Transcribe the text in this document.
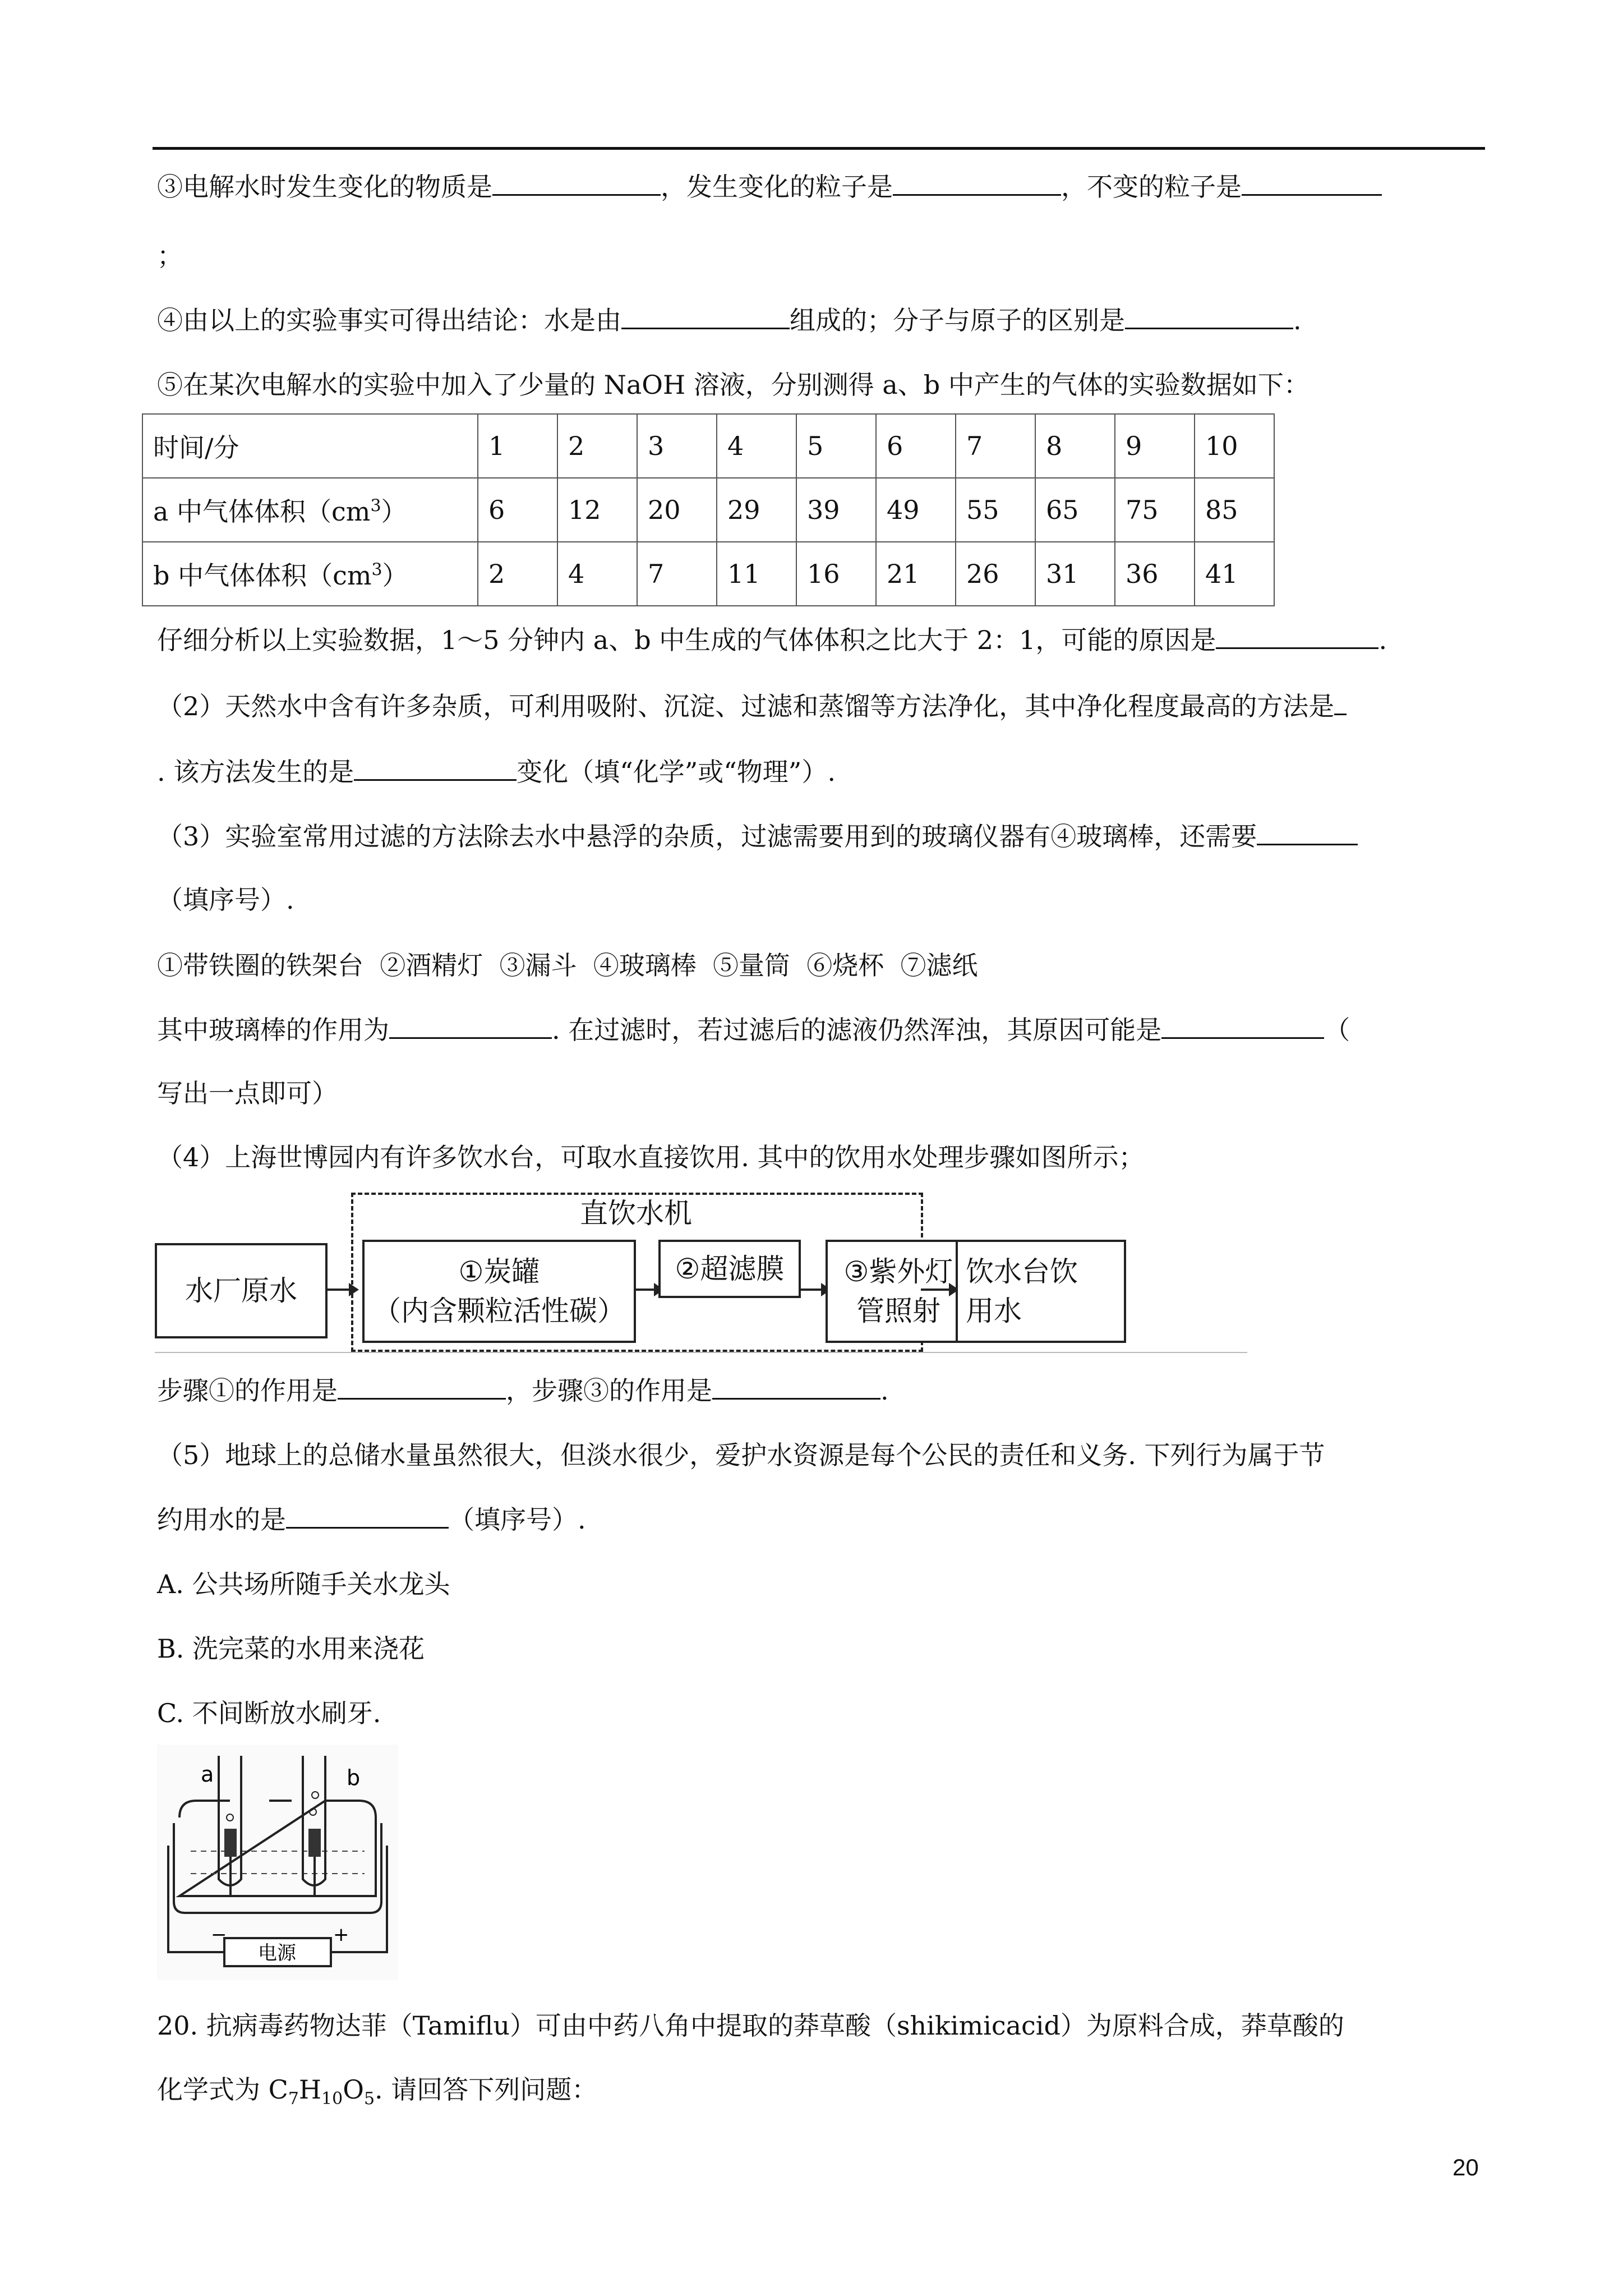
③电解水时发生变化的物质是	，发生变化的粒子是	，不变的粒子是
；
④由以上的实验事实可得出结论：水是由	组成的；分子与原子的区别是	.
⑤在某次电解水的实验中加入了少量的 NaOH 溶液，分别测得 a、b 中产生的气体的实验数据如下：
时间/分	1	2	3	4	5	6	7	8	9	10
a 中气体体积$(cm^3)$	6	12	20	29	39	49	55	65	75	85
b 中气体体积$(cm^3)$	2	4	7	11	16	21	26	31	36	41
仔细分析以上实验数据，1～5 分钟内 a、b 中生成的气体体积之比大于 2：1，可能的原因是	.
（2）天然水中含有许多杂质，可利用吸附、沉淀、过滤和蒸馏等方法净化，其中净化程度最高的方法是
. 该方法发生的是	变化（填“化学”或“物理”）.
（3）实验室常用过滤的方法除去水中悬浮的杂质，过滤需要用到的玻璃仪器有④玻璃棒，还需要
（填序号）.
①带铁圈的铁架台  ②酒精灯  ③漏斗  ④玻璃棒  ⑤量筒  ⑥烧杯  ⑦滤纸
其中玻璃棒的作用为	. 在过滤时，若过滤后的滤液仍然浑浊，其原因可能是	（
写出一点即可）
（4）上海世博园内有许多饮水台，可取水直接饮用. 其中的饮用水处理步骤如图所示；
水厂原水
直饮水机
①炭罐
（内含颗粒活性碳）
②超滤膜 ③紫外灯
管照射
饮水台饮
用水
步骤①的作用是	，步骤③的作用是	.
（5）地球上的总储水量虽然很大，但淡水很少，爱护水资源是每个公民的责任和义务. 下列行为属于节
约用水的是	（填序号）.
A. 公共场所随手关水龙头
B. 洗完菜的水用来浇花
C. 不间断放水刷牙.
a	b
电源
−	+
20. 抗病毒药物达菲（Tamiflu）可由中药八角中提取的莽草酸（shikimicacid）为原料合成，莽草酸的
化学式为 $C_7H_{10}O_5$. 请回答下列问题：
20
